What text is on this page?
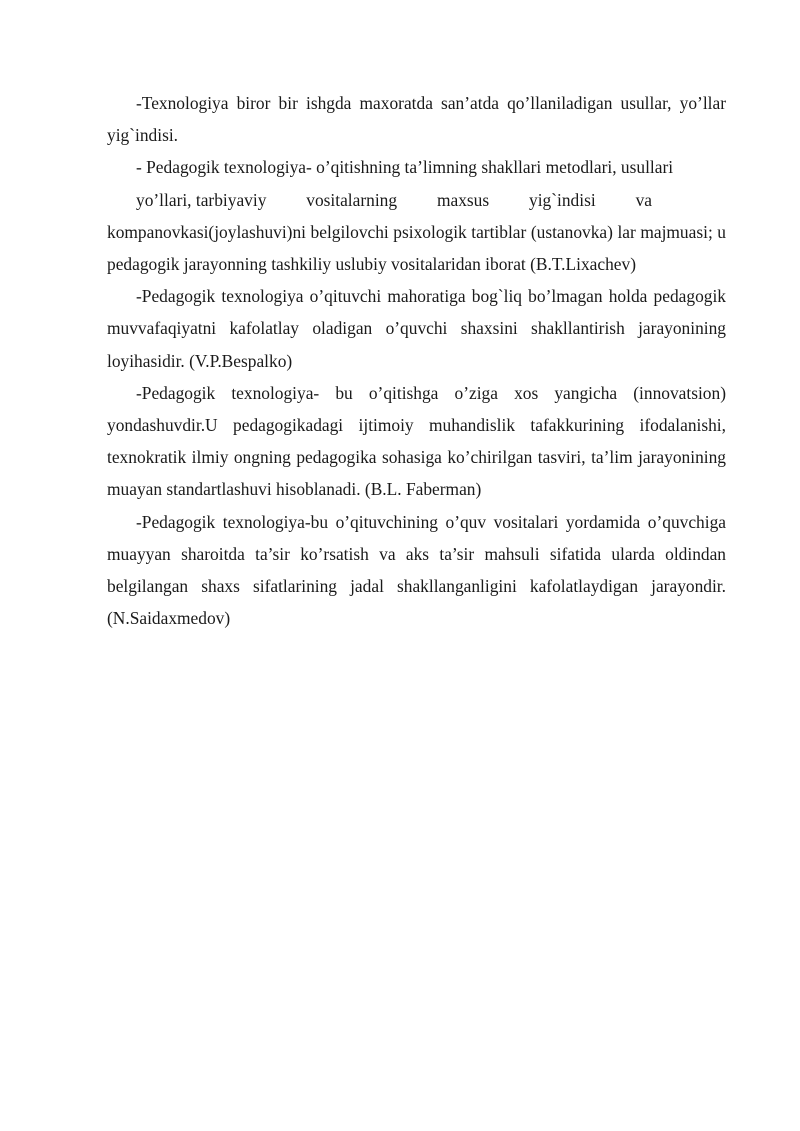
-Texnologiya biror bir ishgda maxoratda san’atda qo’llaniladigan usullar, yo’llar yig`indisi.

- Pedagogik texnologiya- o’qitishning ta’limning shakllari metodlari, usullari
yo’llari, tarbiyaviy vositalarning maxsus yig`indisi va

kompanovkasi(joylashuvi)ni belgilovchi psixologik tartiblar (ustanovka) lar majmuasi; u pedagogik jarayonning tashkiliy uslubiy vositalaridan iborat (B.T.Lixachev)

-Pedagogik texnologiya o’qituvchi mahoratiga bog`liq bo’lmagan holda pedagogik muvvafaqiyatni kafolatlay oladigan o’quvchi shaxsini shakllantirish jarayonining loyihasidir. (V.P.Bespalko)

-Pedagogik texnologiya- bu o’qitishga o’ziga xos yangicha (innovatsion) yondashuvdir.U pedagogikadagi ijtimoiy muhandislik tafakkurining ifodalanishi, texnokratik ilmiy ongning pedagogika sohasiga ko’chirilgan tasviri, ta’lim jarayonining muayan standartlashuvi hisoblanadi. (B.L. Faberman)

-Pedagogik texnologiya-bu o’qituvchining o’quv vositalari yordamida o’quvchiga muayyan sharoitda ta’sir ko’rsatish va aks ta’sir mahsuli sifatida ularda oldindan belgilangan shaxs sifatlarining jadal shakllanganligini kafolatlaydigan jarayondir. (N.Saidaxmedov)
